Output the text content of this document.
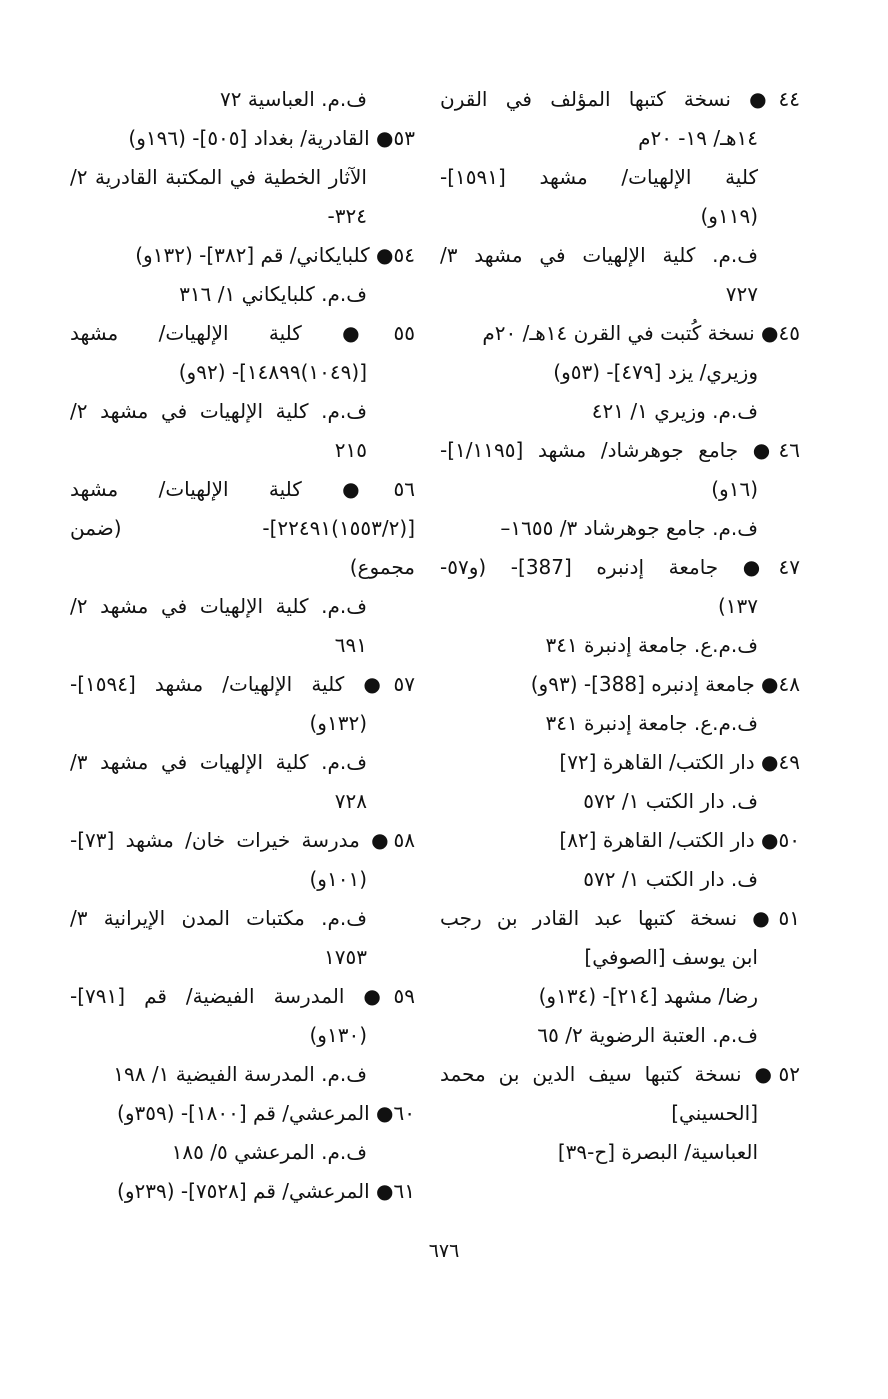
٤٤● نسخة كتبها المؤلف في القرن
١٤هـ/ ١٩- ٢٠م
كلية الإلهيات/ مشهد [١٥٩١]-
(١١٩و)
ف.م. كلية الإلهيات في مشهد ٣/
٧٢٧
٤٥● نسخة كُتبت في القرن ١٤هـ/ ٢٠م
وزيري/ يزد [٤٧٩]- (٥٣و)
ف.م. وزيري ١/ ٤٢١
٤٦● جامع جوهرشاد/ مشهد [١/١١٩٥]-
(١٦و)
ف.م. جامع جوهرشاد ٣/ ١٦٥٥–
٤٧● جامعة إدنبره [387]- (و٥٧-
١٣٧)
ف.م.ع. جامعة إدنبرة ٣٤١
٤٨● جامعة إدنبره [388]- (٩٣و)
ف.م.ع. جامعة إدنبرة ٣٤١
٤٩● دار الكتب/ القاهرة [٧٢]
ف. دار الكتب ١/ ٥٧٢
٥٠● دار الكتب/ القاهرة [٨٢]
ف. دار الكتب ١/ ٥٧٢
٥١● نسخة كتبها عبد القادر بن رجب
ابن يوسف [الصوفي]
رضا/ مشهد [٢١٤]- (١٣٤و)
ف.م. العتبة الرضوية ٢/ ٦٥
٥٢● نسخة كتبها سيف الدين بن محمد
[الحسيني]
العباسية/ البصرة [ح-٣٩]
ف.م. العباسية ٧٢
٥٣● القادرية/ بغداد [٥٠٥]- (١٩٦و)
الآثار الخطية في المكتبة القادرية ٢/
٣٢٤-
٥٤● كلبايكاني/ قم [٣٨٢]- (١٣٢و)
ف.م. كلبايكاني ١/ ٣١٦
٥٥● كلية الإلهيات/ مشهد
[(١٠٤٩)١٤٨٩٩]- (٩٢و)
ف.م. كلية الإلهيات في مشهد ٢/
٢١٥
٥٦● كلية الإلهيات/ مشهد
[(١٥٥٣/٢)٢٢٤٩١]- (ضمن
مجموع)
ف.م. كلية الإلهيات في مشهد ٢/
٦٩١
٥٧● كلية الإلهيات/ مشهد [١٥٩٤]-
(١٣٢و)
ف.م. كلية الإلهيات في مشهد ٣/
٧٢٨
٥٨● مدرسة خيرات خان/ مشهد [٧٣]-
(١٠١و)
ف.م. مكتبات المدن الإيرانية ٣/
١٧٥٣
٥٩● المدرسة الفيضية/ قم [٧٩١]-
(١٣٠و)
ف.م. المدرسة الفيضية ١/ ١٩٨
٦٠● المرعشي/ قم [١٨٠٠]- (٣٥٩و)
ف.م. المرعشي ٥/ ١٨٥
٦١● المرعشي/ قم [٧٥٢٨]- (٢٣٩و)
٦٧٦
